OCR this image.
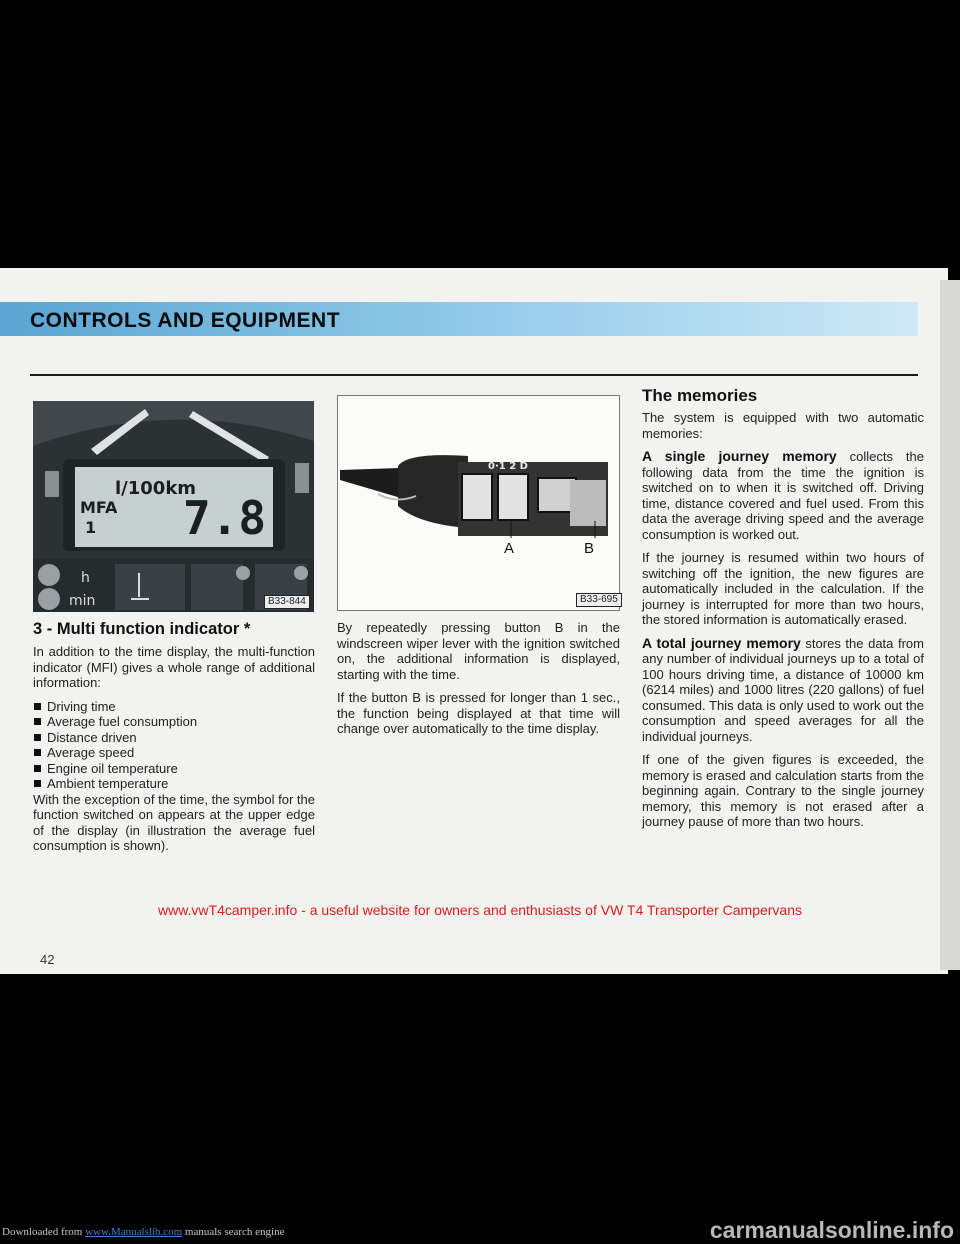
CONTROLS AND EQUIPMENT
l/100km
MFA
1 7.8
h
min	B33-844
0·1 2 D
A	B
B33-695
3 - Multi function indicator *

In addition to the time display, the multi-function indicator (MFI) gives a whole range of additional information:

Driving time
Average fuel consumption
Distance driven
Average speed
Engine oil temperature
Ambient temperature

With the exception of the time, the symbol for the function switched on appears at the upper edge of the display (in illustration the average fuel consumption is shown).

By repeatedly pressing button B in the windscreen wiper lever with the ignition switched on, the additional information is displayed, starting with the time.

If the button B is pressed for longer than 1 sec., the function being displayed at that time will change over automatically to the time display.

The memories

The system is equipped with two automatic memories:

A single journey memory collects the following data from the time the ignition is switched on to when it is switched off. Driving time, distance covered and fuel used. From this data the average driving speed and the average consumption is worked out.

If the journey is resumed within two hours of switching off the ignition, the new figures are automatically included in the calculation. If the journey is interrupted for more than two hours, the stored information is automatically erased.

A total journey memory stores the data from any number of individual journeys up to a total of 100 hours driving time, a distance of 10000 km (6214 miles) and 1000 litres (220 gallons) of fuel consumed. This data is only used to work out the consumption and speed averages for all the individual journeys.

If one of the given figures is exceeded, the memory is erased and calculation starts from the beginning again. Contrary to the single journey memory, this memory is not erased after a journey pause of more than two hours.

www.vwT4camper.info - a useful website for owners and enthusiasts of VW T4 Transporter Campervans
42
Downloaded from www.Manualslib.com manuals search engine	carmanualsonline.info
